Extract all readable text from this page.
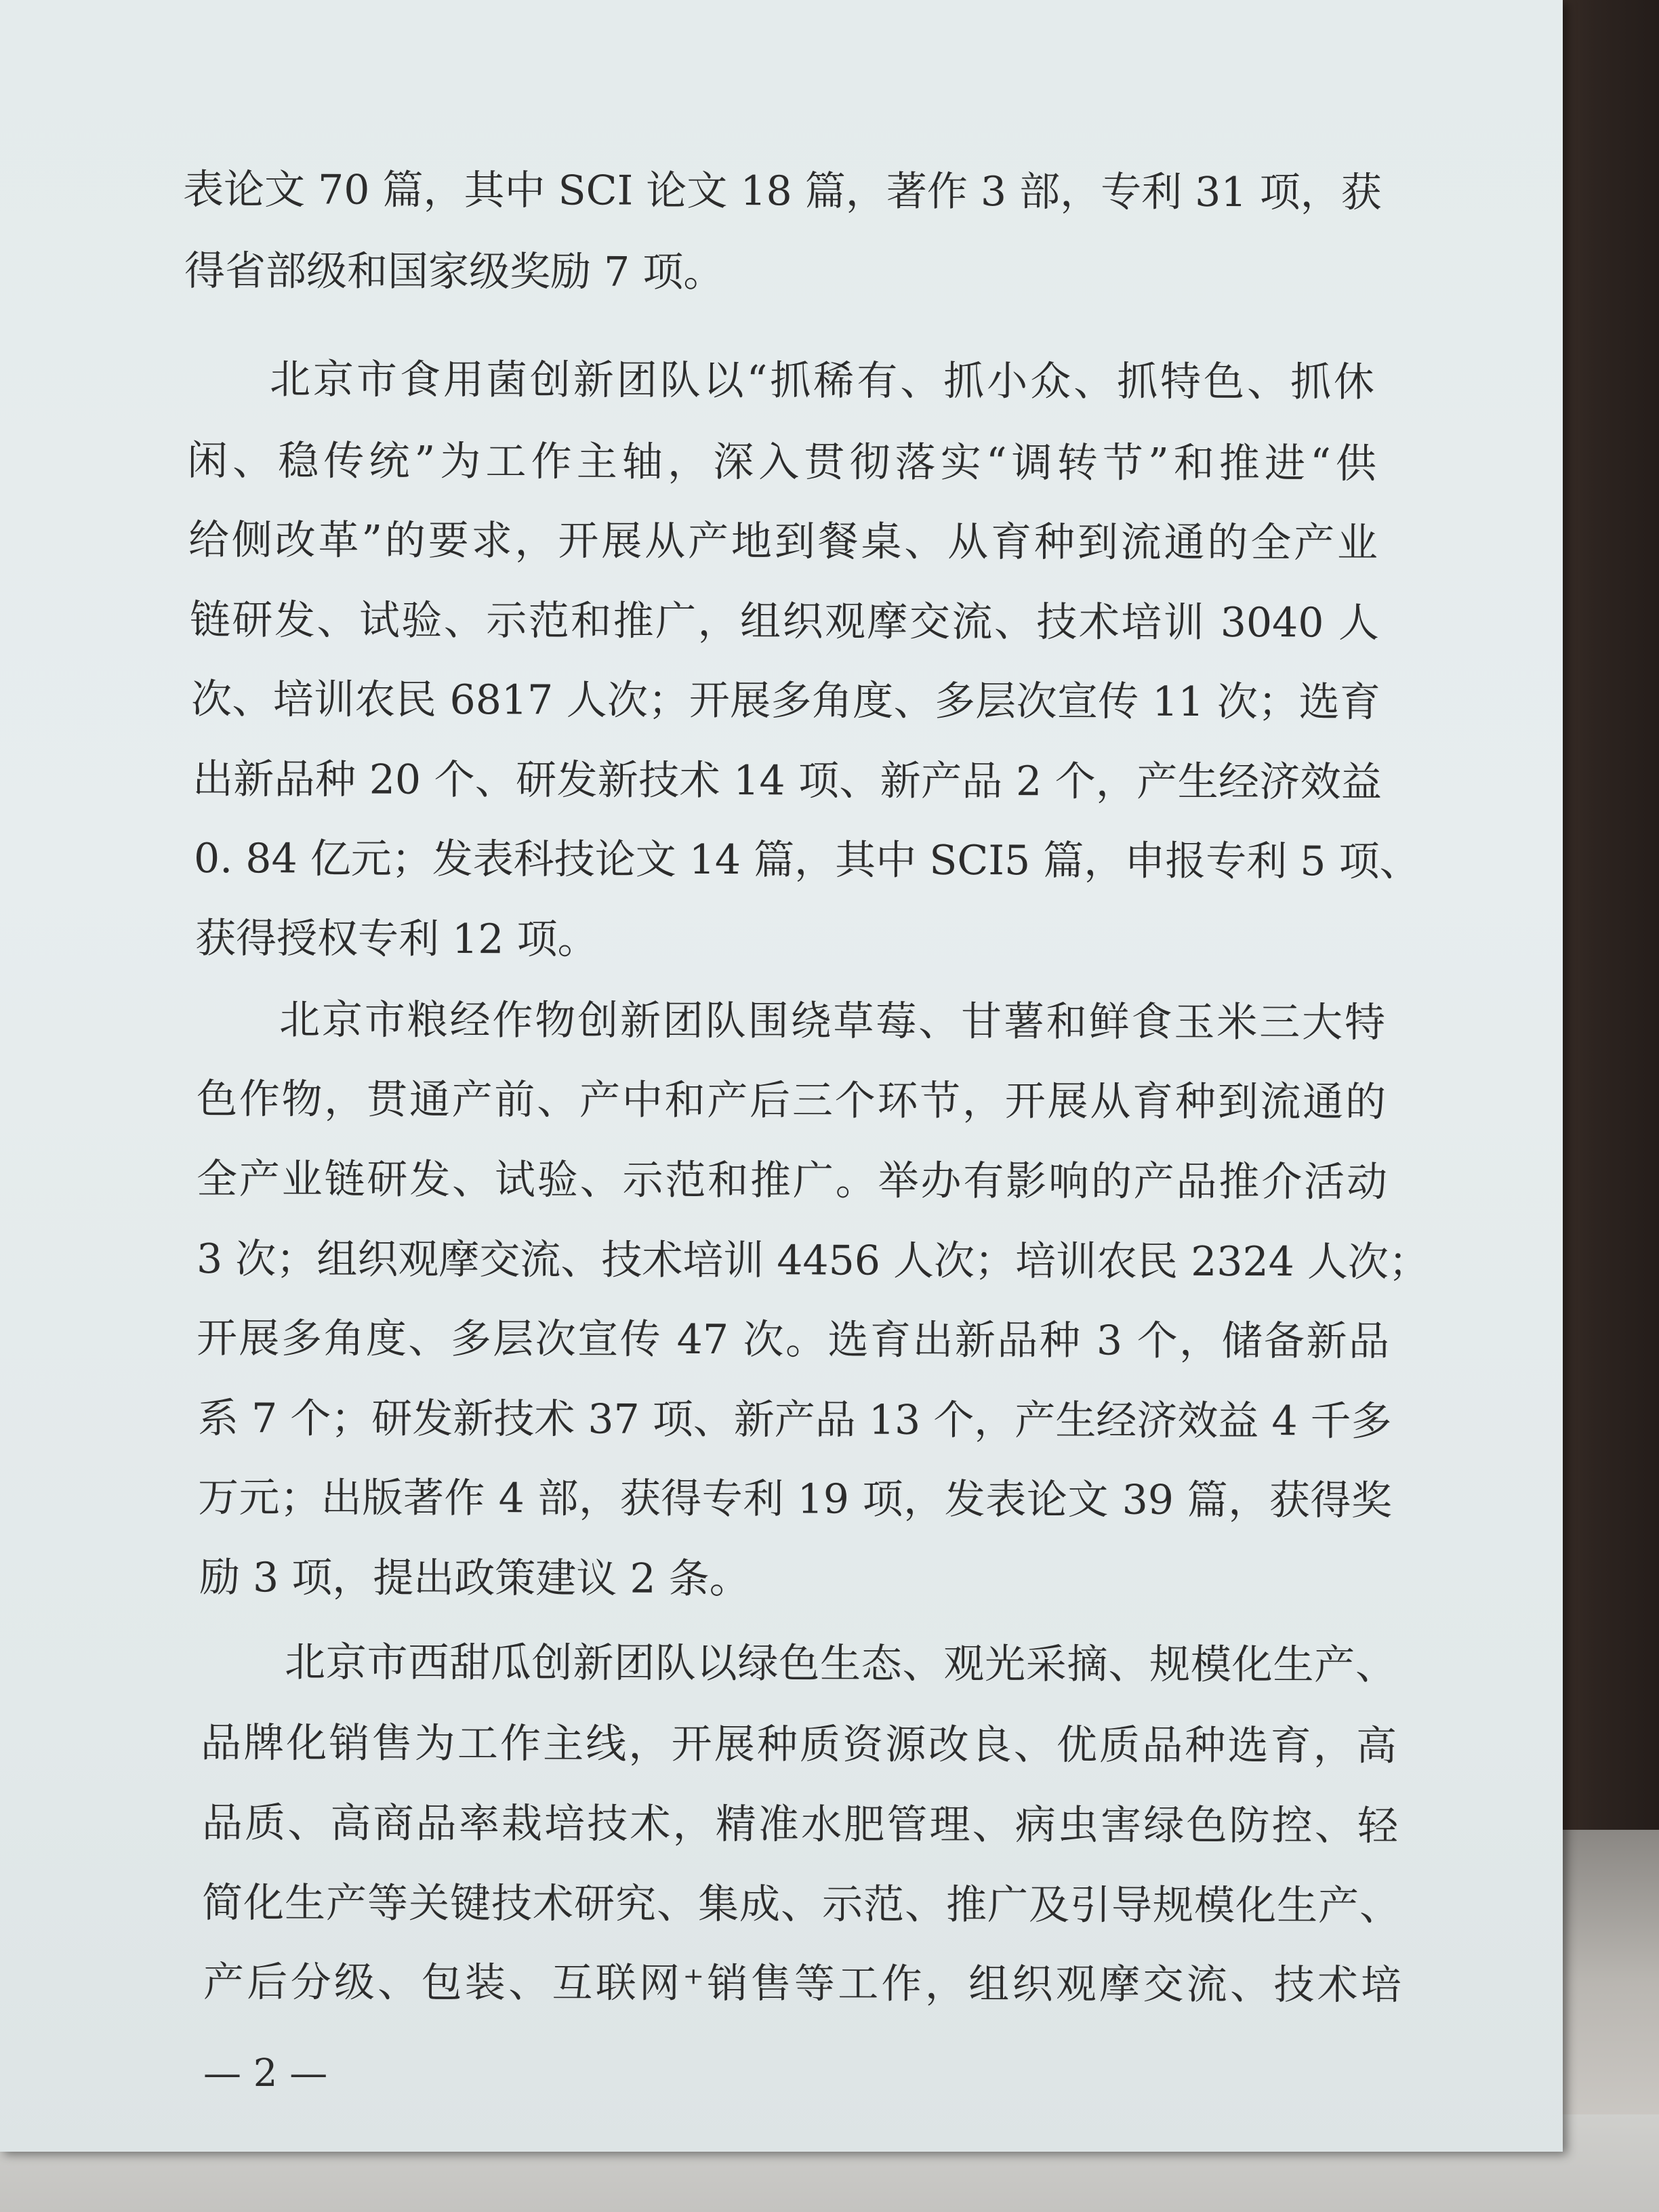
表论文 70 篇，其中 SCI 论文 18 篇，著作 3 部，专利 31 项，获
得省部级和国家级奖励 7 项。
北京市食用菌创新团队以“抓稀有、抓小众、抓特色、抓休
闲、稳传统”为工作主轴，深入贯彻落实“调转节”和推进“供
给侧改革”的要求，开展从产地到餐桌、从育种到流通的全产业
链研发、试验、示范和推广，组织观摩交流、技术培训 3040 人
次、培训农民 6817 人次；开展多角度、多层次宣传 11 次；选育
出新品种 20 个、研发新技术 14 项、新产品 2 个，产生经济效益
0. 84 亿元；发表科技论文 14 篇，其中 SCI5 篇，申报专利 5 项、
获得授权专利 12 项。
北京市粮经作物创新团队围绕草莓、甘薯和鲜食玉米三大特
色作物，贯通产前、产中和产后三个环节，开展从育种到流通的
全产业链研发、试验、示范和推广。举办有影响的产品推介活动
3 次；组织观摩交流、技术培训 4456 人次；培训农民 2324 人次；
开展多角度、多层次宣传 47 次。选育出新品种 3 个，储备新品
系 7 个；研发新技术 37 项、新产品 13 个，产生经济效益 4 千多
万元；出版著作 4 部，获得专利 19 项，发表论文 39 篇，获得奖
励 3 项，提出政策建议 2 条。
北京市西甜瓜创新团队以绿色生态、观光采摘、规模化生产、
品牌化销售为工作主线，开展种质资源改良、优质品种选育，高
品质、高商品率栽培技术，精准水肥管理、病虫害绿色防控、轻
简化生产等关键技术研究、集成、示范、推广及引导规模化生产、
产后分级、包装、互联网⁺销售等工作，组织观摩交流、技术培
— 2 —
